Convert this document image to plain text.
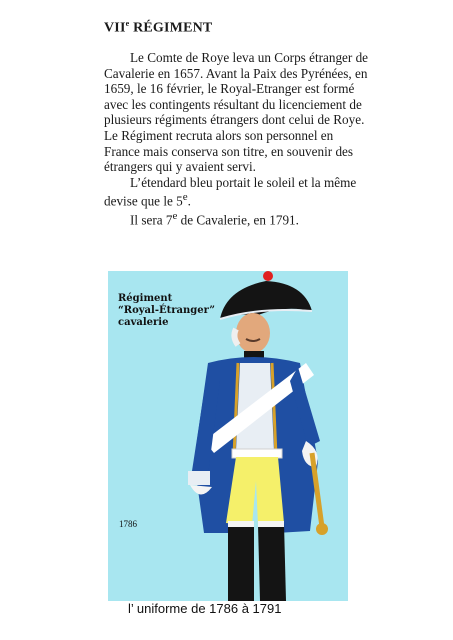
VIIe RÉGIMENT

Le Comte de Roye leva un Corps étranger de Cavalerie en 1657. Avant la Paix des Pyrénées, en 1659, le 16 février, le Royal-Etranger est formé avec les contingents résultant du licenciement de plusieurs régiments étrangers dont celui de Roye. Le Régiment recruta alors son personnel en France mais conserva son titre, en souvenir des étrangers qui y avaient servi.

L’étendard bleu portait le soleil et la même devise que le 5e.

Il sera 7e de Cavalerie, en 1791.

Régiment
“Royal-Étranger”
cavalerie
1786
l’ uniforme de 1786 à 1791
